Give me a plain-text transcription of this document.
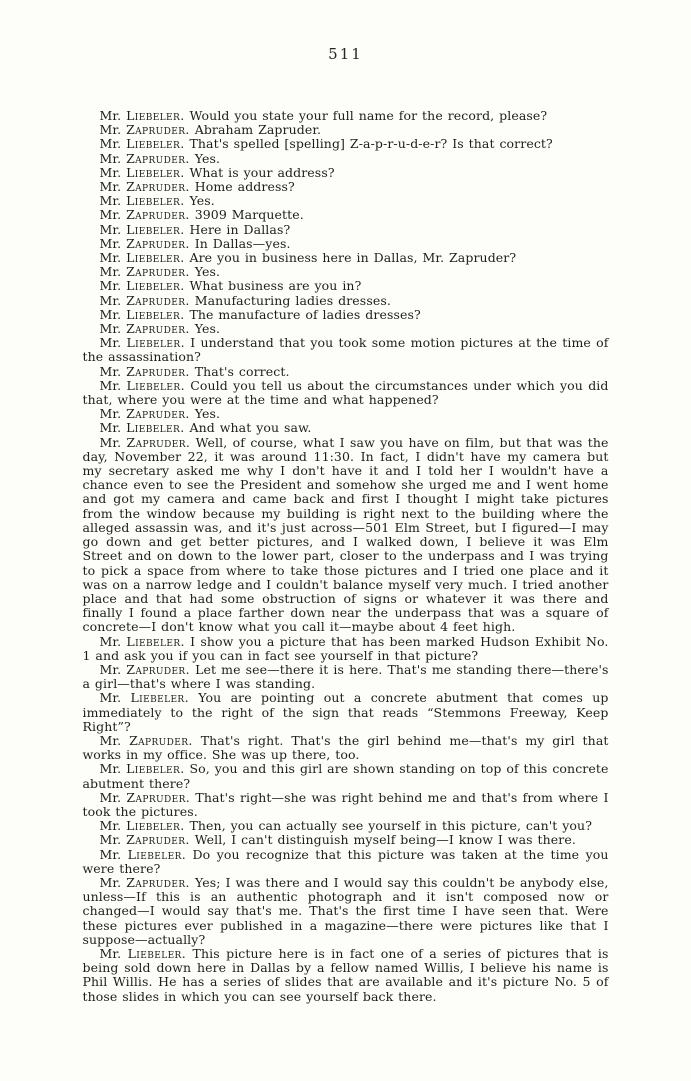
511

Mr. Liebeler. Would you state your full name for the record, please?

Mr. Zapruder. Abraham Zapruder.

Mr. Liebeler. That's spelled [spelling] Z-a-p-r-u-d-e-r? Is that correct?

Mr. Zapruder. Yes.

Mr. Liebeler. What is your address?

Mr. Zapruder. Home address?

Mr. Liebeler. Yes.

Mr. Zapruder. 3909 Marquette.

Mr. Liebeler. Here in Dallas?

Mr. Zapruder. In Dallas—yes.

Mr. Liebeler. Are you in business here in Dallas, Mr. Zapruder?

Mr. Zapruder. Yes.

Mr. Liebeler. What business are you in?

Mr. Zapruder. Manufacturing ladies dresses.

Mr. Liebeler. The manufacture of ladies dresses?

Mr. Zapruder. Yes.

Mr. Liebeler. I understand that you took some motion pictures at the time of the assassination?

Mr. Zapruder. That's correct.

Mr. Liebeler. Could you tell us about the circumstances under which you did that, where you were at the time and what happened?

Mr. Zapruder. Yes.

Mr. Liebeler. And what you saw.

Mr. Zapruder. Well, of course, what I saw you have on film, but that was the day, November 22, it was around 11:30. In fact, I didn't have my camera but my secretary asked me why I don't have it and I told her I wouldn't have a chance even to see the President and somehow she urged me and I went home and got my camera and came back and first I thought I might take pictures from the window because my building is right next to the building where the alleged assassin was, and it's just across—501 Elm Street, but I figured—I may go down and get better pictures, and I walked down, I believe it was Elm Street and on down to the lower part, closer to the underpass and I was trying to pick a space from where to take those pictures and I tried one place and it was on a narrow ledge and I couldn't balance myself very much. I tried another place and that had some obstruction of signs or whatever it was there and finally I found a place farther down near the underpass that was a square of concrete—I don't know what you call it—maybe about 4 feet high.

Mr. Liebeler. I show you a picture that has been marked Hudson Exhibit No. 1 and ask you if you can in fact see yourself in that picture?

Mr. Zapruder. Let me see—there it is here. That's me standing there—there's a girl—that's where I was standing.

Mr. Liebeler. You are pointing out a concrete abutment that comes up immediately to the right of the sign that reads “Stemmons Freeway, Keep Right”?

Mr. Zapruder. That's right. That's the girl behind me—that's my girl that works in my office. She was up there, too.

Mr. Liebeler. So, you and this girl are shown standing on top of this concrete abutment there?

Mr. Zapruder. That's right—she was right behind me and that's from where I took the pictures.

Mr. Liebeler. Then, you can actually see yourself in this picture, can't you?

Mr. Zapruder. Well, I can't distinguish myself being—I know I was there.

Mr. Liebeler. Do you recognize that this picture was taken at the time you were there?

Mr. Zapruder. Yes; I was there and I would say this couldn't be anybody else, unless—If this is an authentic photograph and it isn't composed now or changed—I would say that's me. That's the first time I have seen that. Were these pictures ever published in a magazine—there were pictures like that I suppose—actually?

Mr. Liebeler. This picture here is in fact one of a series of pictures that is being sold down here in Dallas by a fellow named Willis, I believe his name is Phil Willis. He has a series of slides that are available and it's picture No. 5 of those slides in which you can see yourself back there.
